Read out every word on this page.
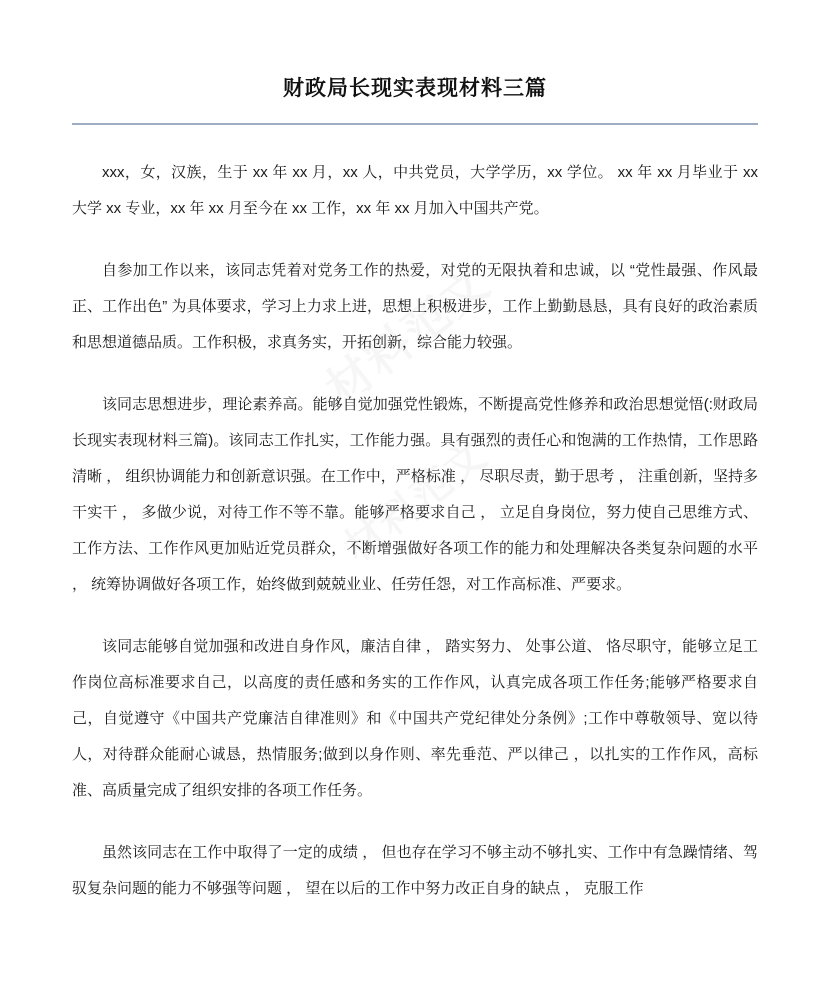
财政局长现实表现材料三篇

xxx，女，汉族，生于 xx 年 xx 月，xx 人，中共党员，大学学历，xx 学位。 xx 年 xx 月毕业于 xx 大学 xx 专业，xx 年 xx 月至今在 xx 工作，xx 年 xx 月加入中国共产党。

自参加工作以来，该同志凭着对党务工作的热爱，对党的无限执着和忠诚，以 “党性最强、作风最正、工作出色” 为具体要求，学习上力求上进，思想上积极进步，工作上勤勤恳恳，具有良好的政治素质和思想道德品质。工作积极，求真务实，开拓创新，综合能力较强。

该同志思想进步，理论素养高。能够自觉加强党性锻炼，不断提高党性修养和政治思想觉悟(:财政局长现实表现材料三篇)。该同志工作扎实，工作能力强。具有强烈的责任心和饱满的工作热情，工作思路清晰 ， 组织协调能力和创新意识强。在工作中，严格标准 ， 尽职尽责，勤于思考 ， 注重创新，坚持多干实干 ， 多做少说，对待工作不等不靠。能够严格要求自己 ， 立足自身岗位，努力使自己思维方式、工作方法、工作作风更加贴近党员群众，不断增强做好各项工作的能力和处理解决各类复杂问题的水平 ， 统筹协调做好各项工作，始终做到兢兢业业、任劳任怨，对工作高标准、严要求。

该同志能够自觉加强和改进自身作风，廉洁自律 ， 踏实努力、 处事公道、 恪尽职守，能够立足工作岗位高标准要求自己，以高度的责任感和务实的工作作风，认真完成各项工作任务;能够严格要求自己，自觉遵守《中国共产党廉洁自律准则》和《中国共产党纪律处分条例》;工作中尊敬领导、宽以待人，对待群众能耐心诚恳，热情服务;做到以身作则、率先垂范、严以律己 ，以扎实的工作作风，高标准、高质量完成了组织安排的各项工作任务。

虽然该同志在工作中取得了一定的成绩 ， 但也存在学习不够主动不够扎实、工作中有急躁情绪、驾驭复杂问题的能力不够强等问题 ， 望在以后的工作中努力改正自身的缺点 ， 克服工作
